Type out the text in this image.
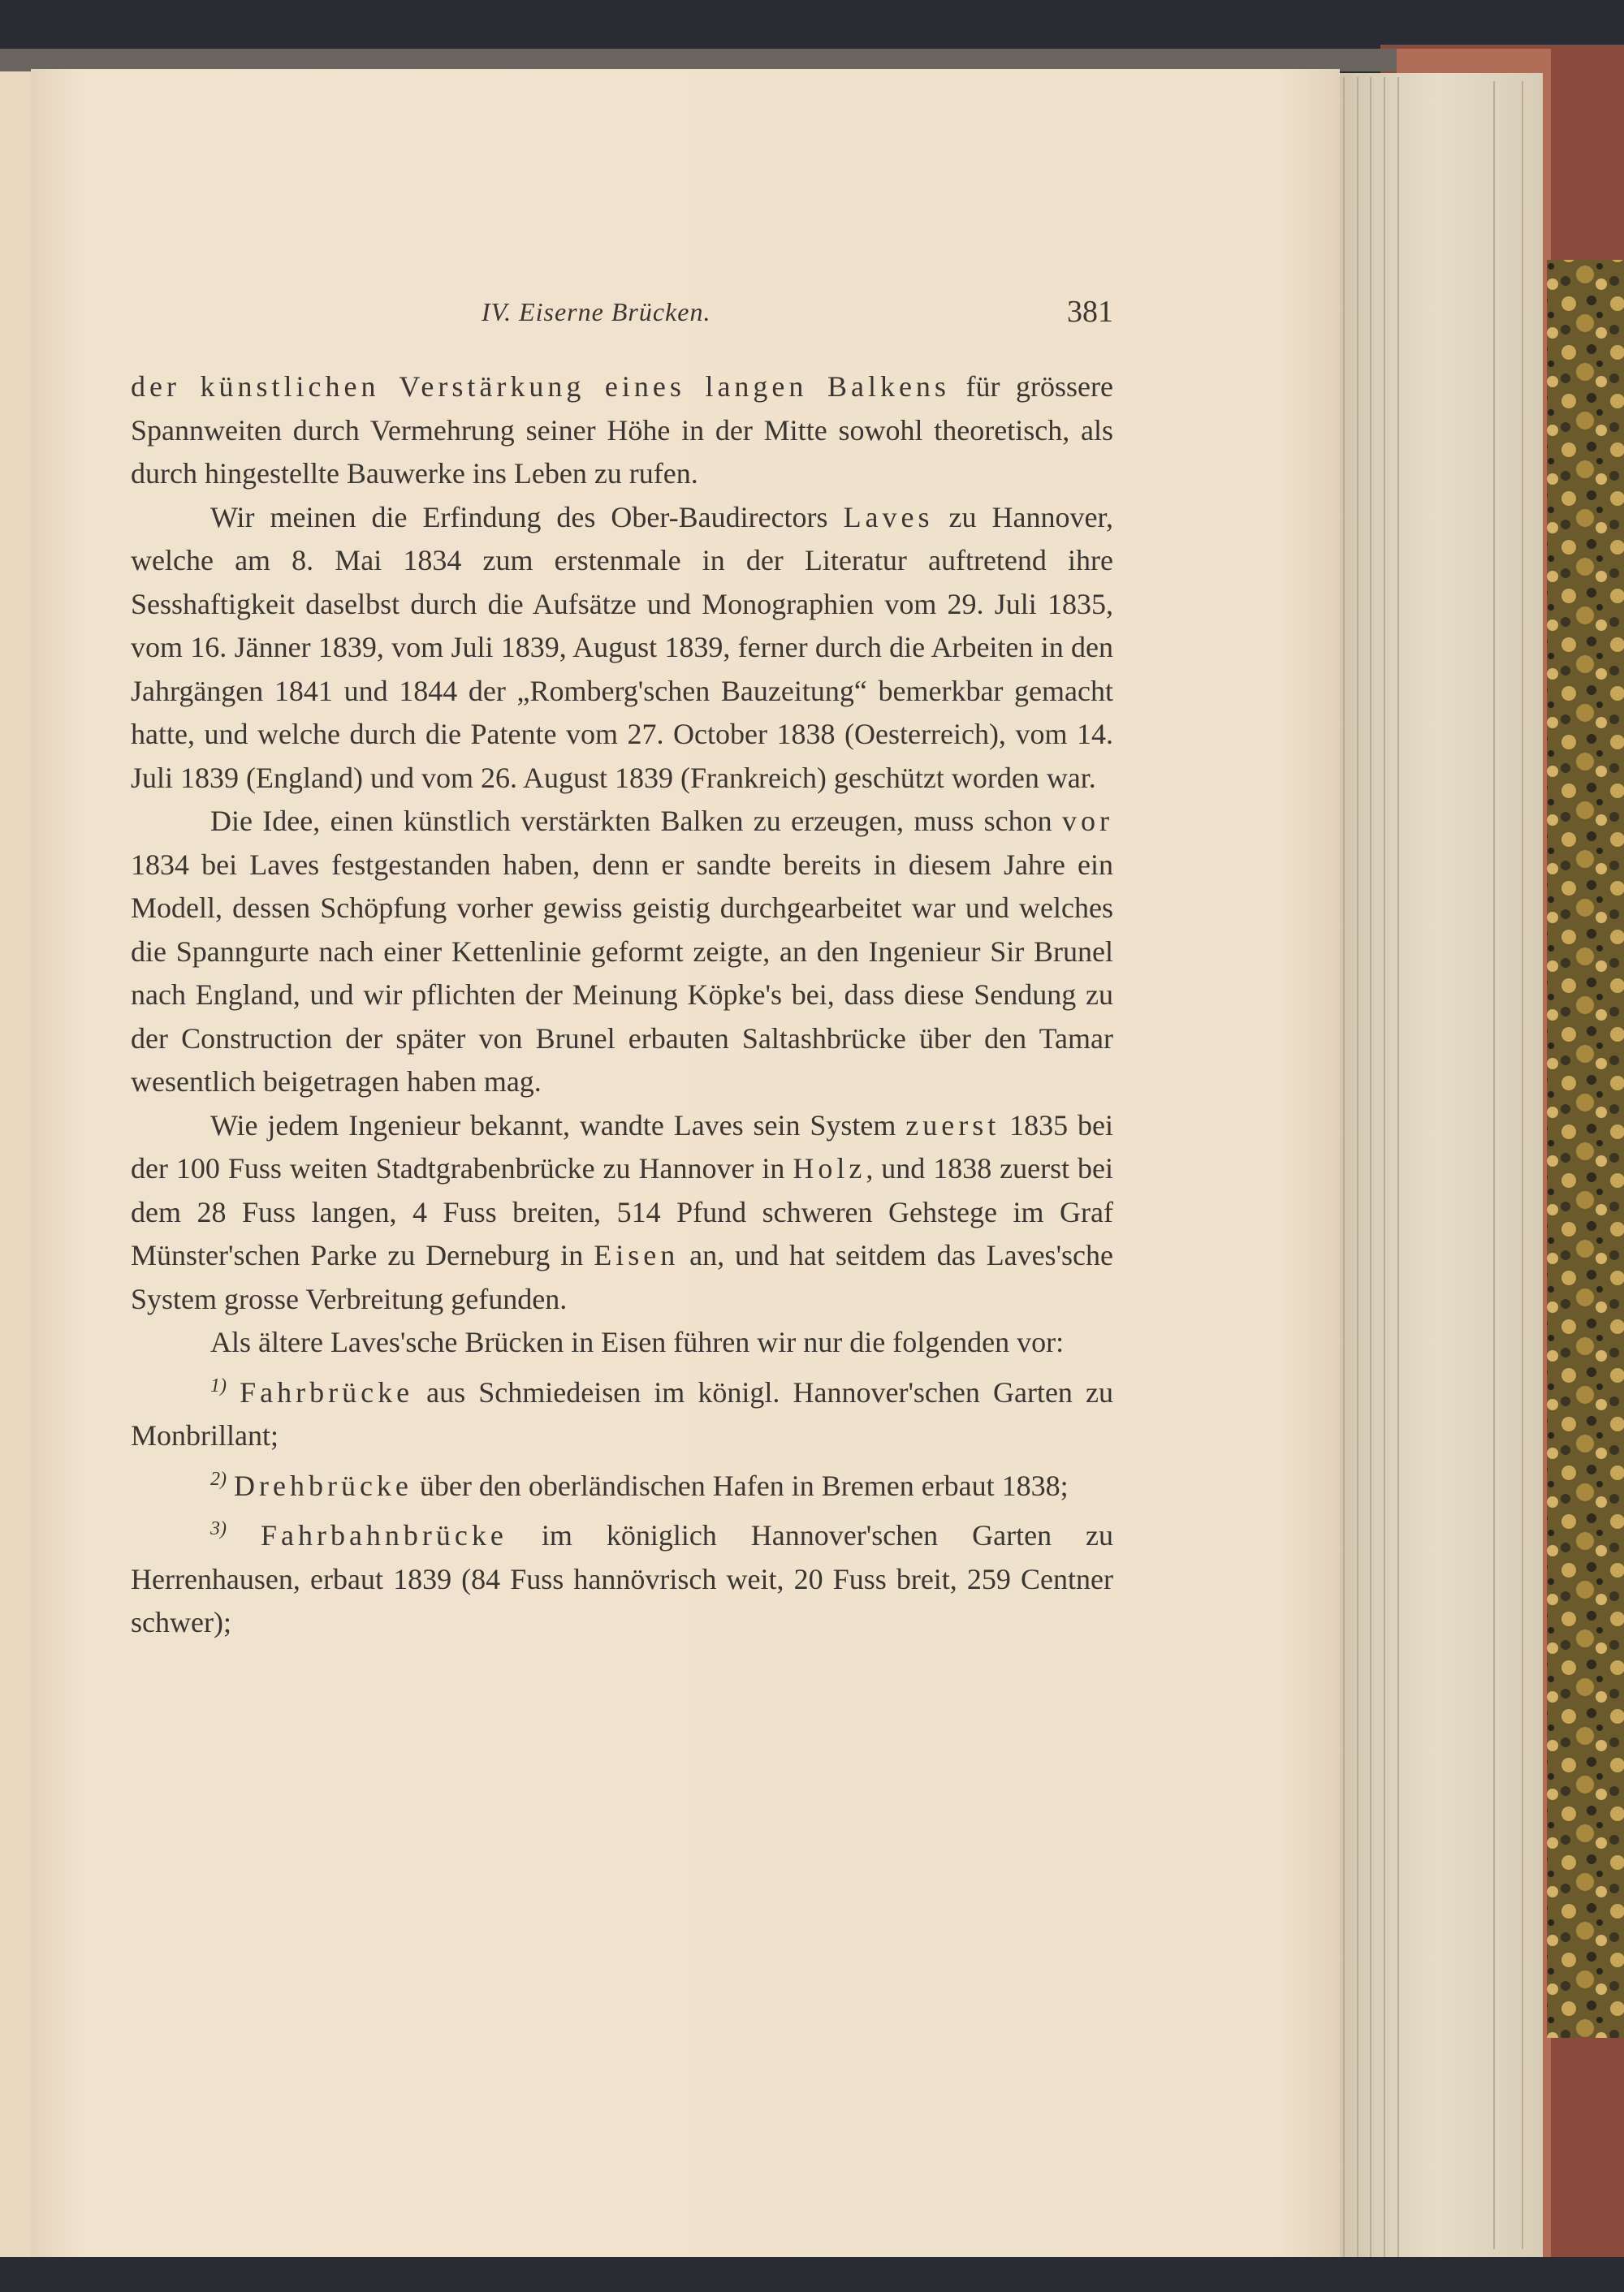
IV. Eiserne Brücken.	381

der künstlichen Verstärkung eines langen Balkens für grössere Spannweiten durch Vermehrung seiner Höhe in der Mitte sowohl theoretisch, als durch hingestellte Bauwerke ins Leben zu rufen.

Wir meinen die Erfindung des Ober-Baudirectors Laves zu Hannover, welche am 8. Mai 1834 zum erstenmale in der Literatur auftretend ihre Sesshaftigkeit daselbst durch die Aufsätze und Monographien vom 29. Juli 1835, vom 16. Jänner 1839, vom Juli 1839, August 1839, ferner durch die Arbeiten in den Jahrgängen 1841 und 1844 der „Romberg'schen Bauzeitung“ bemerkbar gemacht hatte, und welche durch die Patente vom 27. October 1838 (Oesterreich), vom 14. Juli 1839 (England) und vom 26. August 1839 (Frankreich) geschützt worden war.

Die Idee, einen künstlich verstärkten Balken zu erzeugen, muss schon vor 1834 bei Laves festgestanden haben, denn er sandte bereits in diesem Jahre ein Modell, dessen Schöpfung vorher gewiss geistig durchgearbeitet war und welches die Spanngurte nach einer Kettenlinie geformt zeigte, an den Ingenieur Sir Brunel nach England, und wir pflichten der Meinung Köpke's bei, dass diese Sendung zu der Construction der später von Brunel erbauten Saltashbrücke über den Tamar wesentlich beigetragen haben mag.

Wie jedem Ingenieur bekannt, wandte Laves sein System zuerst 1835 bei der 100 Fuss weiten Stadtgrabenbrücke zu Hannover in Holz, und 1838 zuerst bei dem 28 Fuss langen, 4 Fuss breiten, 514 Pfund schweren Gehstege im Graf Münster'schen Parke zu Derneburg in Eisen an, und hat seitdem das Laves'sche System grosse Verbreitung gefunden.

Als ältere Laves'sche Brücken in Eisen führen wir nur die folgenden vor:

$^{1)}$ Fahrbrücke aus Schmiedeisen im königl. Hannover'schen Garten zu Monbrillant;

$^{2)}$ Drehbrücke über den oberländischen Hafen in Bremen erbaut 1838;

$^{3)}$ Fahrbahnbrücke im königlich Hannover'schen Garten zu Herrenhausen, erbaut 1839 (84 Fuss hannövrisch weit, 20 Fuss breit, 259 Centner schwer);
